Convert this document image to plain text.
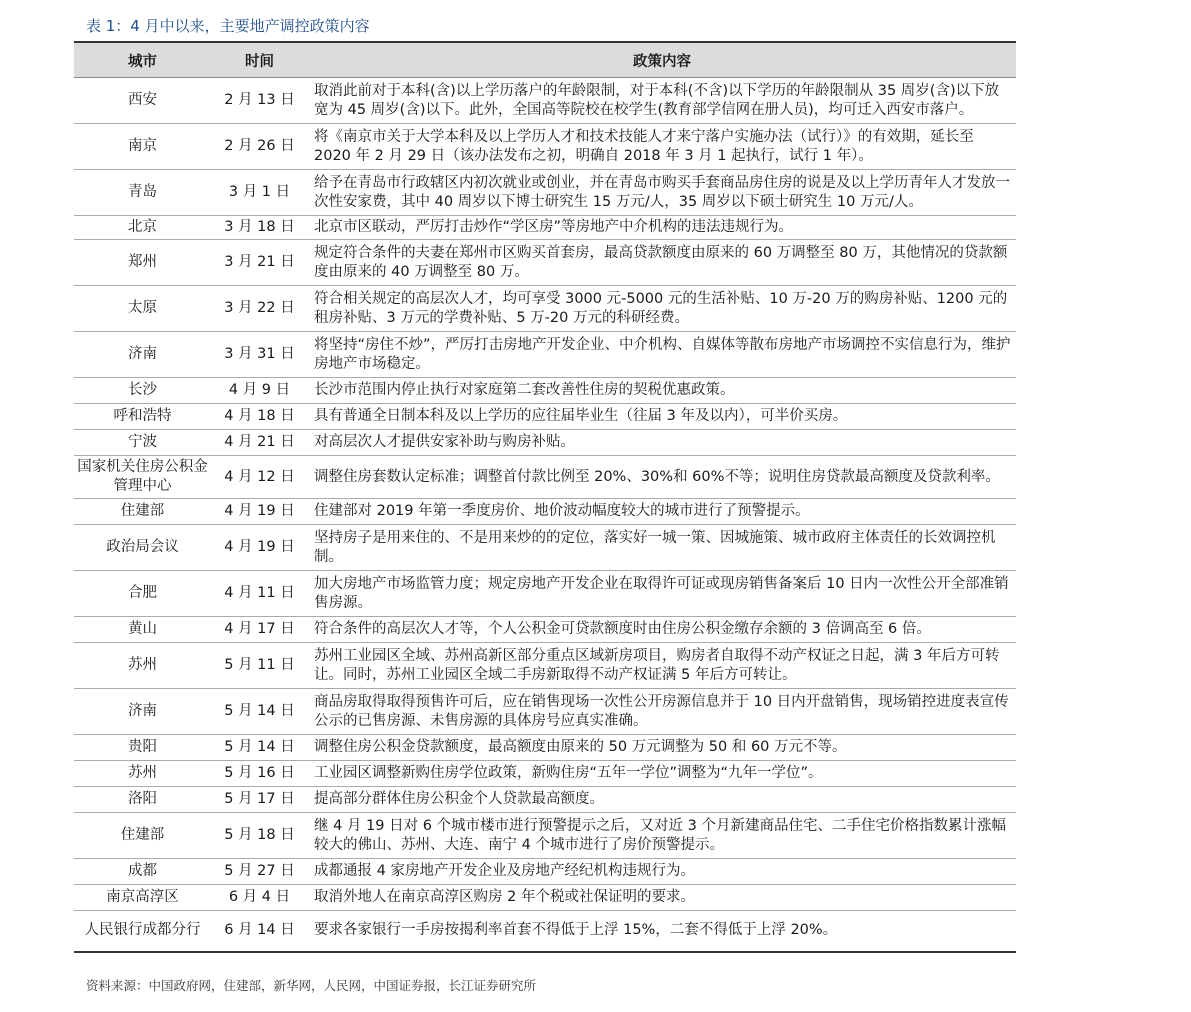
表 1：4 月中以来，主要地产调控政策内容
城市	时间	政策内容
西安	2 月 13 日	取消此前对于本科(含)以上学历落户的年龄限制，对于本科(不含)以下学历的年龄限制从 35 周岁(含)以下放宽为 45 周岁(含)以下。此外，全国高等院校在校学生(教育部学信网在册人员)，均可迁入西安市落户。
南京	2 月 26 日	将《南京市关于大学本科及以上学历人才和技术技能人才来宁落户实施办法（试行）》的有效期，延长至 2020 年 2 月 29 日（该办法发布之初，明确自 2018 年 3 月 1 起执行，试行 1 年）。
青岛	3 月 1 日	给予在青岛市行政辖区内初次就业或创业，并在青岛市购买手套商品房住房的说是及以上学历青年人才发放一次性安家费，其中 40 周岁以下博士研究生 15 万元/人，35 周岁以下硕士研究生 10 万元/人。
北京	3 月 18 日	北京市区联动，严厉打击炒作“学区房”等房地产中介机构的违法违规行为。
郑州	3 月 21 日	规定符合条件的夫妻在郑州市区购买首套房，最高贷款额度由原来的 60 万调整至 80 万，其他情况的贷款额度由原来的 40 万调整至 80 万。
太原	3 月 22 日	符合相关规定的高层次人才，均可享受 3000 元-5000 元的生活补贴、10 万-20 万的购房补贴、1200 元的租房补贴、3 万元的学费补贴、5 万-20 万元的科研经费。
济南	3 月 31 日	将坚持“房住不炒”，严厉打击房地产开发企业、中介机构、自媒体等散布房地产市场调控不实信息行为，维护房地产市场稳定。
长沙	4 月 9 日	长沙市范围内停止执行对家庭第二套改善性住房的契税优惠政策。
呼和浩特	4 月 18 日	具有普通全日制本科及以上学历的应往届毕业生（往届 3 年及以内），可半价买房。
宁波	4 月 21 日	对高层次人才提供安家补助与购房补贴。
国家机关住房公积金管理中心	4 月 12 日	调整住房套数认定标准；调整首付款比例至 20%、30%和 60%不等；说明住房贷款最高额度及贷款利率。
住建部	4 月 19 日	住建部对 2019 年第一季度房价、地价波动幅度较大的城市进行了预警提示。
政治局会议	4 月 19 日	坚持房子是用来住的、不是用来炒的的定位，落实好一城一策、因城施策、城市政府主体责任的长效调控机制。
合肥	4 月 11 日	加大房地产市场监管力度；规定房地产开发企业在取得许可证或现房销售备案后 10 日内一次性公开全部准销售房源。
黄山	4 月 17 日	符合条件的高层次人才等，个人公积金可贷款额度时由住房公积金缴存余额的 3 倍调高至 6 倍。
苏州	5 月 11 日	苏州工业园区全域、苏州高新区部分重点区域新房项目，购房者自取得不动产权证之日起，满 3 年后方可转让。同时，苏州工业园区全域二手房新取得不动产权证满 5 年后方可转让。
济南	5 月 14 日	商品房取得取得预售许可后，应在销售现场一次性公开房源信息并于 10 日内开盘销售，现场销控进度表宣传公示的已售房源、未售房源的具体房号应真实准确。
贵阳	5 月 14 日	调整住房公积金贷款额度，最高额度由原来的 50 万元调整为 50 和 60 万元不等。
苏州	5 月 16 日	工业园区调整新购住房学位政策，新购住房“五年一学位”调整为“九年一学位”。
洛阳	5 月 17 日	提高部分群体住房公积金个人贷款最高额度。
住建部	5 月 18 日	继 4 月 19 日对 6 个城市楼市进行预警提示之后，又对近 3 个月新建商品住宅、二手住宅价格指数累计涨幅较大的佛山、苏州、大连、南宁 4 个城市进行了房价预警提示。
成都	5 月 27 日	成都通报 4 家房地产开发企业及房地产经纪机构违规行为。
南京高淳区	6 月 4 日	取消外地人在南京高淳区购房 2 年个税或社保证明的要求。
人民银行成都分行	6 月 14 日	要求各家银行一手房按揭利率首套不得低于上浮 15%，二套不得低于上浮 20%。
资料来源：中国政府网，住建部，新华网，人民网，中国证券报，长江证券研究所
